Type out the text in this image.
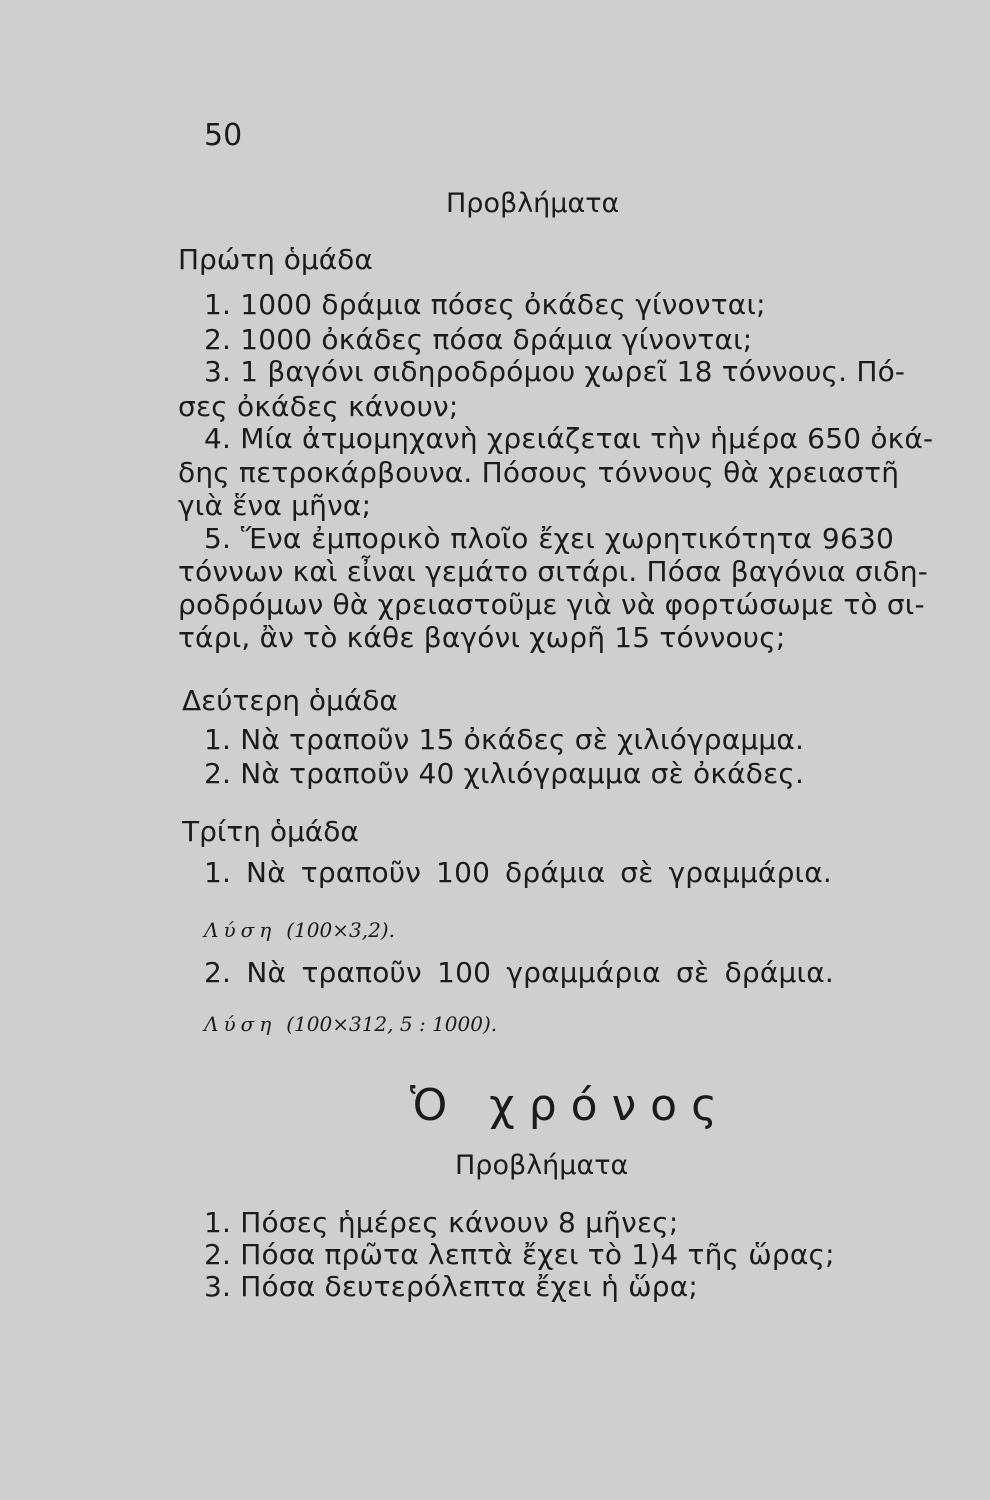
50
Προβλήματα
Πρώτη ὁμάδα
1. 1000 δράμια πόσες ὀκάδες γίνονται;
2. 1000 ὀκάδες πόσα δράμια γίνονται;
3. 1 βαγόνι σιδηροδρόμου χωρεῖ 18 τόννους. Πό-
σες ὀκάδες κάνουν;
4. Μία ἀτμομηχανὴ χρειάζεται τὴν ἡμέρα 650 ὀκά-
δης πετροκάρβουνα. Πόσους τόννους θὰ χρειαστῆ
γιὰ ἕνα μῆνα;
5. Ἕνα ἐμπορικὸ πλοῖο ἔχει χωρητικότητα 9630
τόννων καὶ εἶναι γεμάτο σιτάρι. Πόσα βαγόνια σιδη-
ροδρόμων θὰ χρειαστοῦμε γιὰ νὰ φορτώσωμε τὸ σι-
τάρι, ἂν τὸ κάθε βαγόνι χωρῆ 15 τόννους;
Δεύτερη ὁμάδα
1. Νὰ τραποῦν 15 ὀκάδες σὲ χιλιόγραμμα.
2. Νὰ τραποῦν 40 χιλιόγραμμα σὲ ὀκάδες.
Τρίτη ὁμάδα
1. Νὰ τραποῦν 100 δράμια σὲ γραμμάρια.
Λύση (100×3,2).
2. Νὰ τραποῦν 100 γραμμάρια σὲ δράμια.
Λύση (100×312, 5 : 1000).
Ὁ χρόνος
Προβλήματα
1. Πόσες ἡμέρες κάνουν 8 μῆνες;
2. Πόσα πρῶτα λεπτὰ ἔχει τὸ 1)4 τῆς ὥρας;
3. Πόσα δευτερόλεπτα ἔχει ἡ ὥρα;
